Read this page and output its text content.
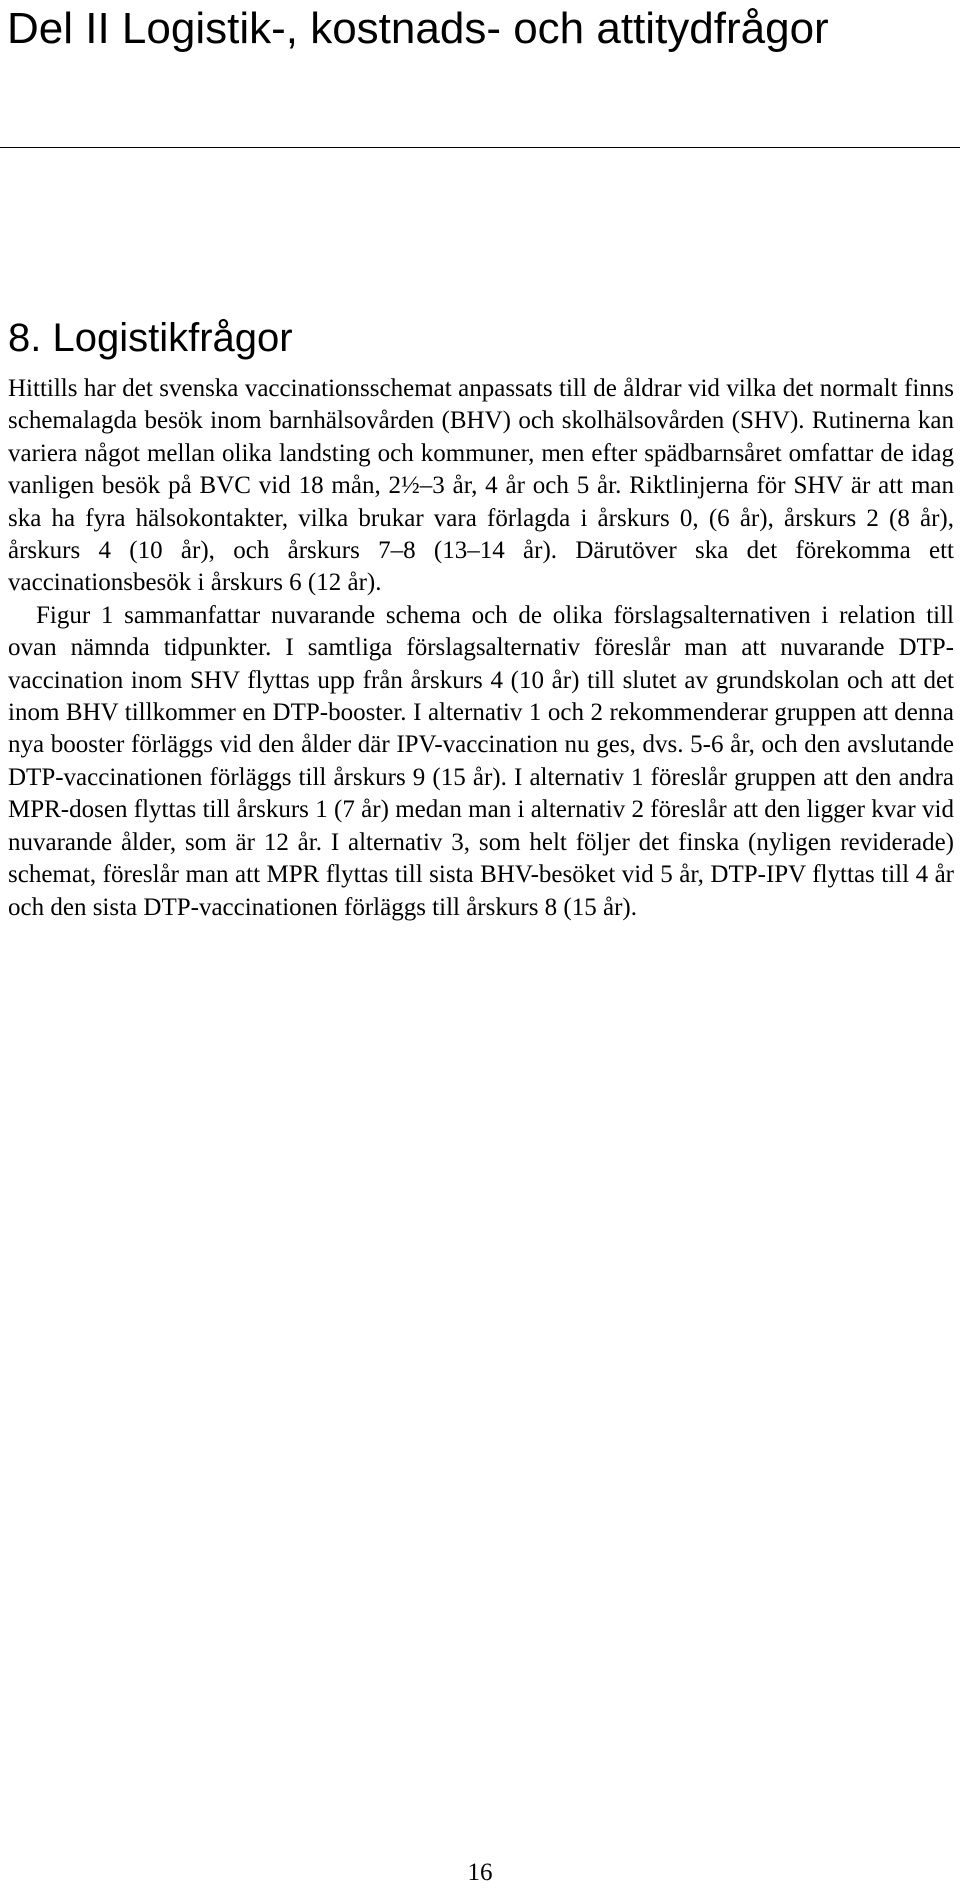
Del II Logistik-, kostnads- och attitydfrågor
8. Logistikfrågor

Hittills har det svenska vaccinationsschemat anpassats till de åldrar vid vilka det normalt finns schemalagda besök inom barnhälsovården (BHV) och skolhälsovården (SHV). Rutinerna kan variera något mellan olika landsting och kommuner, men efter spädbarnsåret omfattar de idag vanligen besök på BVC vid 18 mån, 2½–3 år, 4 år och 5 år. Riktlinjerna för SHV är att man ska ha fyra hälsokontakter, vilka brukar vara förlagda i årskurs 0, (6 år), årskurs 2 (8 år), årskurs 4 (10 år), och årskurs 7–8 (13–14 år). Därutöver ska det förekomma ett vaccinationsbesök i årskurs 6 (12 år).

Figur 1 sammanfattar nuvarande schema och de olika förslagsalternativen i relation till ovan nämnda tidpunkter. I samtliga förslagsalternativ föreslår man att nuvarande DTP-vaccination inom SHV flyttas upp från årskurs 4 (10 år) till slutet av grundskolan och att det inom BHV tillkommer en DTP-booster. I alternativ 1 och 2 rekommenderar gruppen att denna nya booster förläggs vid den ålder där IPV-vaccination nu ges, dvs. 5-6 år, och den avslutande DTP-vaccinationen förläggs till årskurs 9 (15 år). I alternativ 1 föreslår gruppen att den andra MPR-dosen flyttas till årskurs 1 (7 år) medan man i alternativ 2 föreslår att den ligger kvar vid nuvarande ålder, som är 12 år. I alternativ 3, som helt följer det finska (nyligen reviderade) schemat, föreslår man att MPR flyttas till sista BHV-besöket vid 5 år, DTP-IPV flyttas till 4 år och den sista DTP-vaccinationen förläggs till årskurs 8 (15 år).

16
